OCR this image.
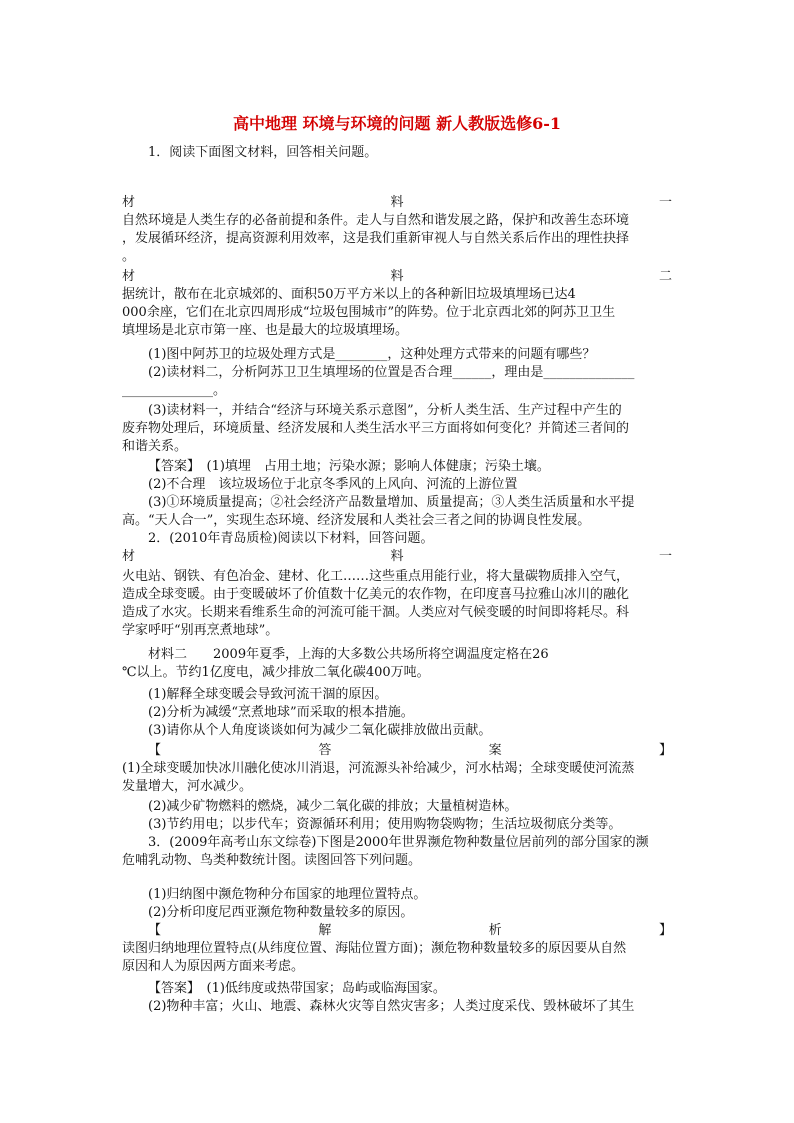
高中地理 环境与环境的问题 新人教版选修6-1
1．阅读下面图文材料，回答相关问题。
材	料	一
自然环境是人类生存的必备前提和条件。走人与自然和谐发展之路，保护和改善生态环境
，发展循环经济，提高资源利用效率，这是我们重新审视人与自然关系后作出的理性抉择
。
材	料	二
据统计，散布在北京城郊的、面积50万平方米以上的各种新旧垃圾填埋场已达4
000余座，它们在北京四周形成“垃圾包围城市”的阵势。位于北京西北郊的阿苏卫卫生
填埋场是北京市第一座、也是最大的垃圾填埋场。
(1)图中阿苏卫的垃圾处理方式是________，这种处理方式带来的问题有哪些？
(2)读材料二，分析阿苏卫卫生填埋场的位置是否合理______，理由是______________
______________。
(3)读材料一，并结合“经济与环境关系示意图”，分析人类生活、生产过程中产生的
废弃物处理后，环境质量、经济发展和人类生活水平三方面将如何变化？并简述三者间的
和谐关系。
【答案】　(1)填埋　占用土地；污染水源；影响人体健康；污染土壤。
(2)不合理　该垃圾场位于北京冬季风的上风向、河流的上游位置
(3)①环境质量提高；②社会经济产品数量增加、质量提高；③人类生活质量和水平提
高。“天人合一”，实现生态环境、经济发展和人类社会三者之间的协调良性发展。
2．(2010年青岛质检)阅读以下材料，回答问题。
材	料	一
火电站、钢铁、有色冶金、建材、化工……这些重点用能行业，将大量碳物质排入空气，
造成全球变暖。由于变暖破坏了价值数十亿美元的农作物，在印度喜马拉雅山冰川的融化
造成了水灾。长期来看维系生命的河流可能干涸。人类应对气候变暖的时间即将耗尽。科
学家呼吁“别再烹煮地球”。
材料二　　2009年夏季，上海的大多数公共场所将空调温度定格在26
℃以上。节约1亿度电，减少排放二氧化碳400万吨。
(1)解释全球变暖会导致河流干涸的原因。
(2)分析为减缓“烹煮地球”而采取的根本措施。
(3)请你从个人角度谈谈如何为减少二氧化碳排放做出贡献。
【	答	案	】
(1)全球变暖加快冰川融化使冰川消退，河流源头补给减少，河水枯竭；全球变暖使河流蒸
发量增大，河水减少。
(2)减少矿物燃料的燃烧，减少二氧化碳的排放；大量植树造林。
(3)节约用电；以步代车；资源循环利用；使用购物袋购物；生活垃圾彻底分类等。
3．(2009年高考山东文综卷)下图是2000年世界濒危物种数量位居前列的部分国家的濒
危哺乳动物、鸟类种数统计图。读图回答下列问题。
(1)归纳图中濒危物种分布国家的地理位置特点。
(2)分析印度尼西亚濒危物种数量较多的原因。
【	解	析	】
读图归纳地理位置特点(从纬度位置、海陆位置方面)；濒危物种数量较多的原因要从自然
原因和人为原因两方面来考虑。
【答案】　(1)低纬度或热带国家；岛屿或临海国家。
(2)物种丰富；火山、地震、森林火灾等自然灾害多；人类过度采伐、毁林破坏了其生
